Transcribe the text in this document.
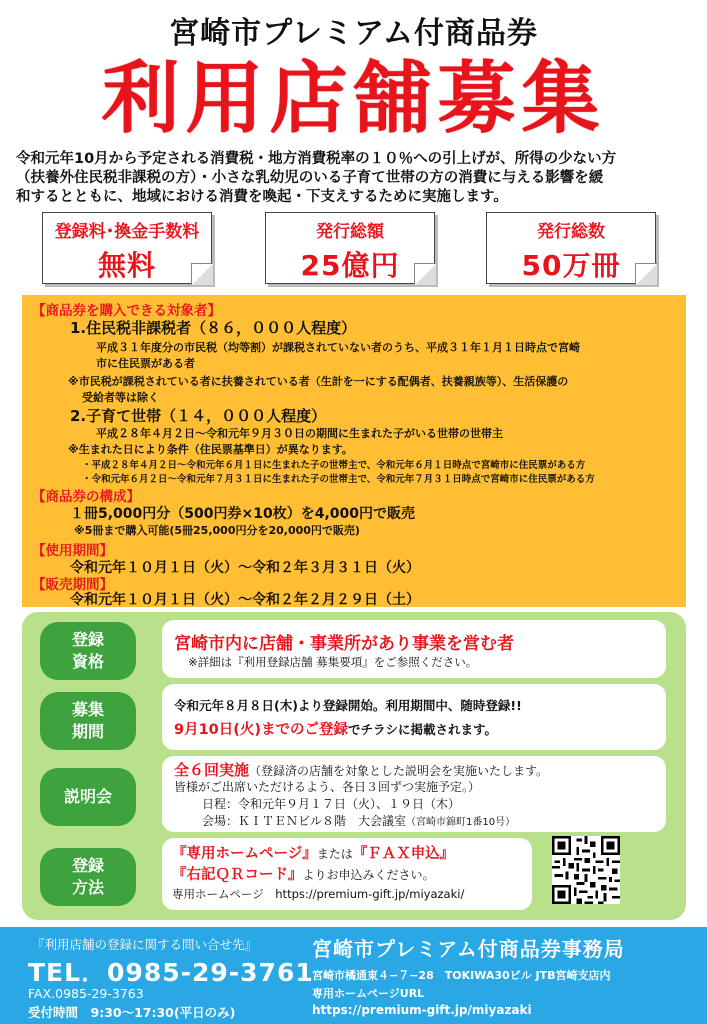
宮崎市プレミアム付商品券
利用店舗募集

令和元年10月から予定される消費税・地方消費税率の１０％への引上げが、所得の少ない方

（扶養外住民税非課税の方）・小さな乳幼児のいる子育て世帯の方の消費に与える影響を緩

和するとともに、地域における消費を喚起・下支えするために実施します。

登録料･換金手数料
無料
発行総額
25億円
発行総数
50万冊
【商品券を購入できる対象者】
1.住民税非課税者（８６，０００人程度）
平成３１年度分の市民税（均等割）が課税されていない者のうち、平成３１年１月１日時点で宮崎
市に住民票がある者
※市民税が課税されている者に扶養されている者（生計を一にする配偶者、扶養親族等）、生活保護の
受給者等は除く
2.子育て世帯（１４，０００人程度）
平成２８年４月２日～令和元年９月３０日の期間に生まれた子がいる世帯の世帯主
※生まれた日により条件（住民票基準日）が異なります。
・平成２８年４月２日～令和元年６月１日に生まれた子の世帯主で、令和元年６月１日時点で宮崎市に住民票がある方
・令和元年６月２日～令和元年７月３１日に生まれた子の世帯主で、令和元年７月３１日時点で宮崎市に住民票がある方
【商品券の構成】
１冊5,000円分（500円券×10枚）を4,000円で販売
※5冊まで購入可能(5冊25,000円分を20,000円で販売)
【使用期間】
令和元年１０月１日（火）～令和２年３月３１日（火）
【販売期間】
令和元年１０月１日（火）～令和２年２月２９日（土）
登録
資格
宮崎市内に店舗・事業所があり事業を営む者
※詳細は『利用登録店舗 募集要項』をご参照ください。
募集
期間
令和元年８月８日(木)より登録開始。利用期間中、随時登録!!
9月10日(火)までのご登録でチラシに掲載されます。
説明会
全６回実施（登録済の店舗を対象とした説明会を実施いたします。
皆様がご出席いただけるよう、各日３回ずつ実施予定。）
日程：令和元年９月１７日（火）、１９日（木）
会場：ＫＩＴＥＮビル８階　大会議室（宮崎市錦町1番10号）
登録
方法
『専用ホームページ』または『ＦＡＸ申込』
『右記ＱＲコード』よりお申込みください。
専用ホームページ　https://premium-gift.jp/miyazaki/
『利用店舗の登録に関する問い合せ先』
TEL．0985-29-3761
FAX.0985-29-3763
受付時間　9:30～17:30(平日のみ)
宮崎市プレミアム付商品券事務局
宮崎市橘通東４−７−28　TOKIWA30ビル JTB宮崎支店内
専用ホームページURL
https://premium-gift.jp/miyazaki
